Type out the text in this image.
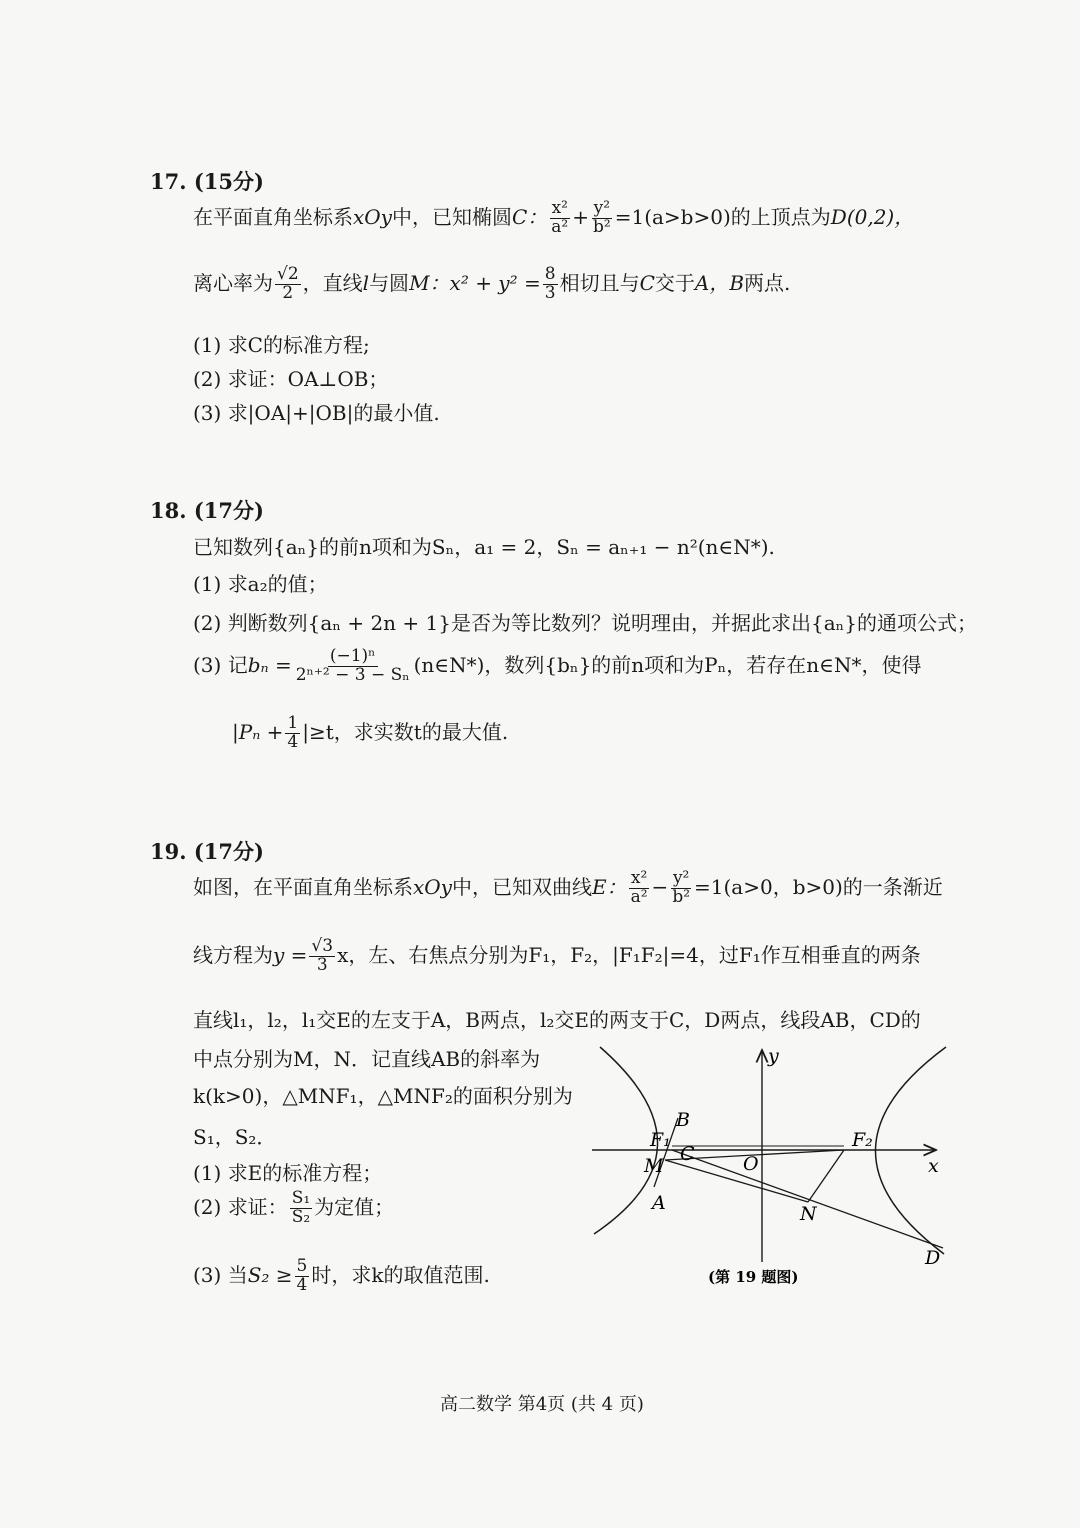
17. (15分)
在平面直角坐标系xOy中，已知椭圆C： $\frac{\text{x²}}{\text{a²}} + \frac{\text{y²}}{\text{b²}} =1(a>b>0)$的上顶点为D(0,2)，
离心率为 $\frac{√2}{2}$ ，直线l与圆M：$x^2 + y^2 = \frac{8}{3}$ 相切且与C交于A，B两点.
(1) 求C的标准方程;
(2) 求证：OA⊥OB；
(3) 求|OA|+|OB|的最小值.
18. (17分)
已知数列{aₙ}的前n项和为Sₙ，a₁ = 2，Sₙ = aₙ₊₁ − n²(n∈N*).
(1) 求a₂的值；
(2) 判断数列{aₙ + 2n + 1}是否为等比数列？说明理由，并据此求出{aₙ}的通项公式；
(3) 记$b_n = \frac{\text{(−1)ⁿ}}{\text{2ⁿ⁺² − 3 − Sₙ}}$ (n∈N*)，数列{bₙ}的前n项和为Pₙ，若存在n∈N*，使得
$|P_n + \frac{1}{4} |\ge t$，求实数t的最大值.
19. (17分)
如图，在平面直角坐标系xOy中，已知双曲线E： $\frac{\text{x²}}{\text{a²}} - \frac{\text{y²}}{\text{b²}} =1(a>0$，b>0)的一条渐近
线方程为$y = \frac{√3}{3}$ x，左、右焦点分别为F₁，F₂，|F₁F₂|=4，过F₁作互相垂直的两条
直线l₁，l₂，l₁交E的左支于A，B两点，l₂交E的两支于C，D两点，线段AB，CD的
中点分别为M，N．记直线AB的斜率为
k(k>0)，△MNF₁，△MNF₂的面积分别为
S₁，S₂．
(1) 求E的标准方程；
(2) 求证： $\frac{\text{S₁}}{\text{S₂}}$ 为定值；
(3) 当$S_2 \ge \frac{5}{4}$ 时，求k的取值范围.
y
x
O
F₁	F₂
B
C
M
A	N
D
(第 19 题图)
高二数学 第4页 (共 4 页)
